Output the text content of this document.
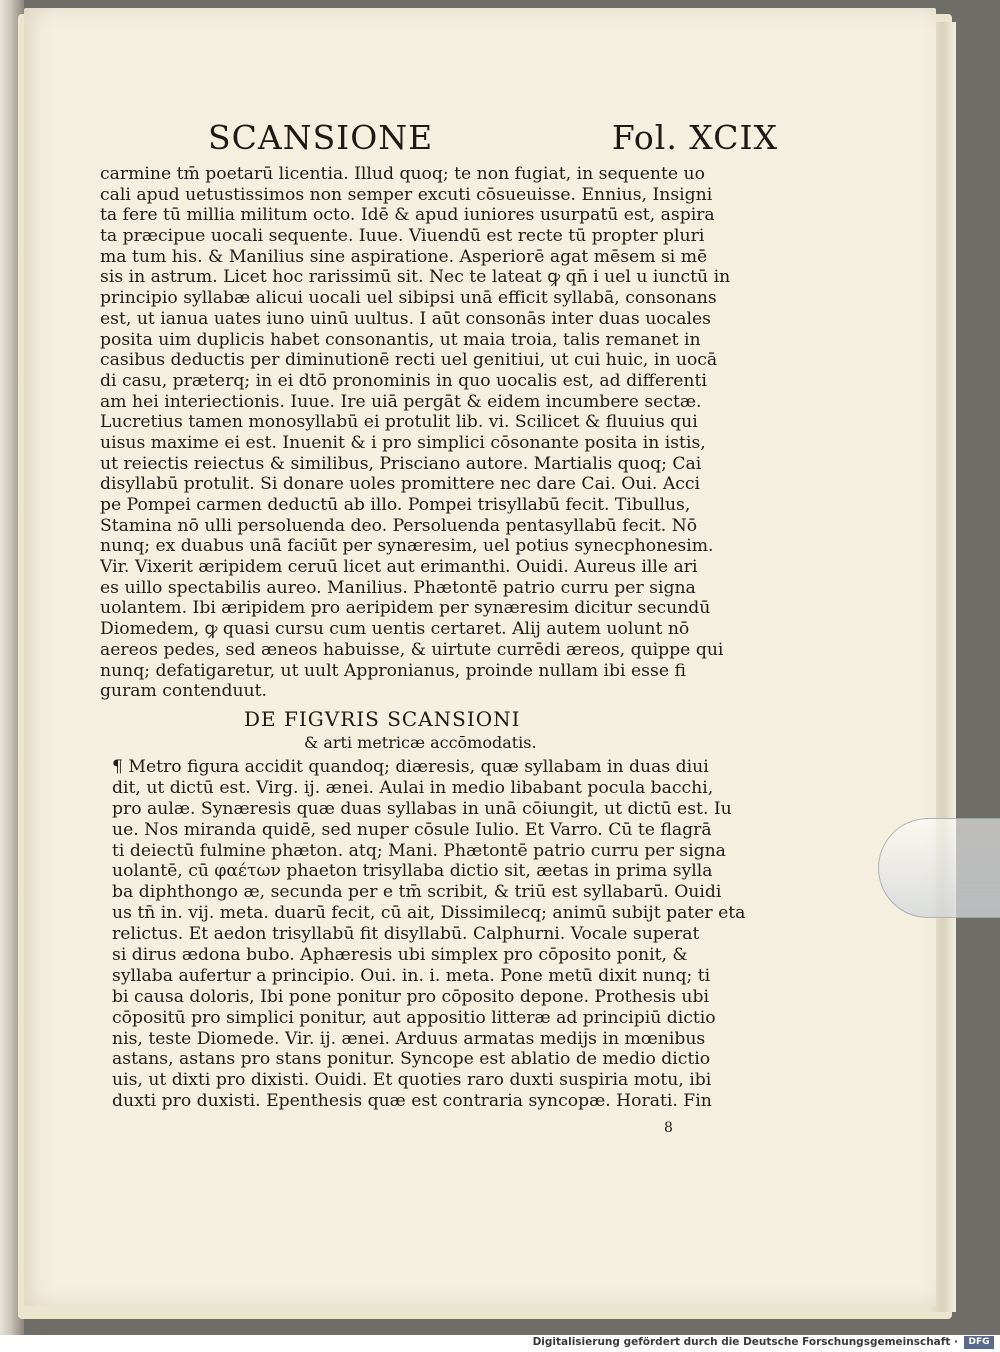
SCANSIONE	Fol. XCIX
carmine tm̄ poetarū licentia. Illud quoq; te non fugiat, in sequente uo
cali apud uetustissimos non semper excuti cōsueuisse. Ennius, Insigni
ta fere tū millia militum octo. Idē & apud iuniores usurpatū est, aspira
ta præcipue uocali sequente. Iuue. Viuendū est recte tū propter pluri
ma tum his. & Manilius sine aspiratione. Asperiorē agat mēsem si mē
sis in astrum. Licet hoc rarissimū sit. Nec te lateat ꝙ qn̄ i uel u iunctū in
principio syllabæ alicui uocali uel sibipsi unā efficit syllabā, consonans
est, ut ianua uates iuno uinū uultus. I aūt consonās inter duas uocales
posita uim duplicis habet consonantis, ut maia troia, talis remanet in
casibus deductis per diminutionē recti uel genitiui, ut cui huic, in uocā
di casu, præterq; in ei dtō pronominis in quo uocalis est, ad differenti
am hei interiectionis. Iuue. Ire uiā pergāt & eidem incumbere sectæ.
Lucretius tamen monosyllabū ei protulit lib. vi. Scilicet & fluuius qui
uisus maxime ei est. Inuenit & i pro simplici cōsonante posita in istis,
ut reiectis reiectus & similibus, Prisciano autore. Martialis quoq; Cai
disyllabū protulit. Si donare uoles promittere nec dare Cai. Oui. Acci
pe Pompei carmen deductū ab illo. Pompei trisyllabū fecit. Tibullus,
Stamina nō ulli persoluenda deo. Persoluenda pentasyllabū fecit. Nō
nunq; ex duabus unā faciūt per synæresim, uel potius synecphonesim.
Vir. Vixerit æripidem ceruū licet aut erimanthi. Ouidi. Aureus ille ari
es uillo spectabilis aureo. Manilius. Phætontē patrio curru per signa
uolantem. Ibi æripidem pro aeripidem per synæresim dicitur secundū
Diomedem, ꝙ quasi cursu cum uentis certaret. Alij autem uolunt nō
aereos pedes, sed æneos habuisse, & uirtute currēdi æreos, quippe qui
nunq; defatigaretur, ut uult Appronianus, proinde nullam ibi esse fi
guram contenduut.
DE FIGVRIS SCANSIONI
& arti metricæ accōmodatis.
¶ Metro figura accidit quandoq; diæresis, quæ syllabam in duas diui
dit, ut dictū est. Virg. ij. ænei. Aulai in medio libabant pocula bacchi,
pro aulæ. Synæresis quæ duas syllabas in unā cōiungit, ut dictū est. Iu
ue. Nos miranda quidē, sed nuper cōsule Iulio. Et Varro. Cū te flagrā
ti deiectū fulmine phæton. atq; Mani. Phætontē patrio curru per signa
uolantē, cū φαέτων phaeton trisyllaba dictio sit, æetas in prima sylla
ba diphthongo æ, secunda per e tm̄ scribit, & triū est syllabarū. Ouidi
us tn̄ in. vij. meta. duarū fecit, cū ait, Dissimilecq; animū subijt pater eta
relictus. Et aedon trisyllabū fit disyllabū. Calphurni. Vocale superat
si dirus ædona bubo. Aphæresis ubi simplex pro cōposito ponit, &
syllaba aufertur a principio. Oui. in. i. meta. Pone metū dixit nunq; ti
bi causa doloris, Ibi pone ponitur pro cōposito depone. Prothesis ubi
cōpositū pro simplici ponitur, aut appositio litteræ ad principiū dictio
nis, teste Diomede. Vir. ij. ænei. Arduus armatas medijs in mœnibus
astans, astans pro stans ponitur. Syncope est ablatio de medio dictio
uis, ut dixti pro dixisti. Ouidi. Et quoties raro duxti suspiria motu, ibi
duxti pro duxisti. Epenthesis quæ est contraria syncopæ. Horati. Fin
8
Digitalisierung gefördert durch die Deutsche Forschungsgemeinschaft ·	DFG
